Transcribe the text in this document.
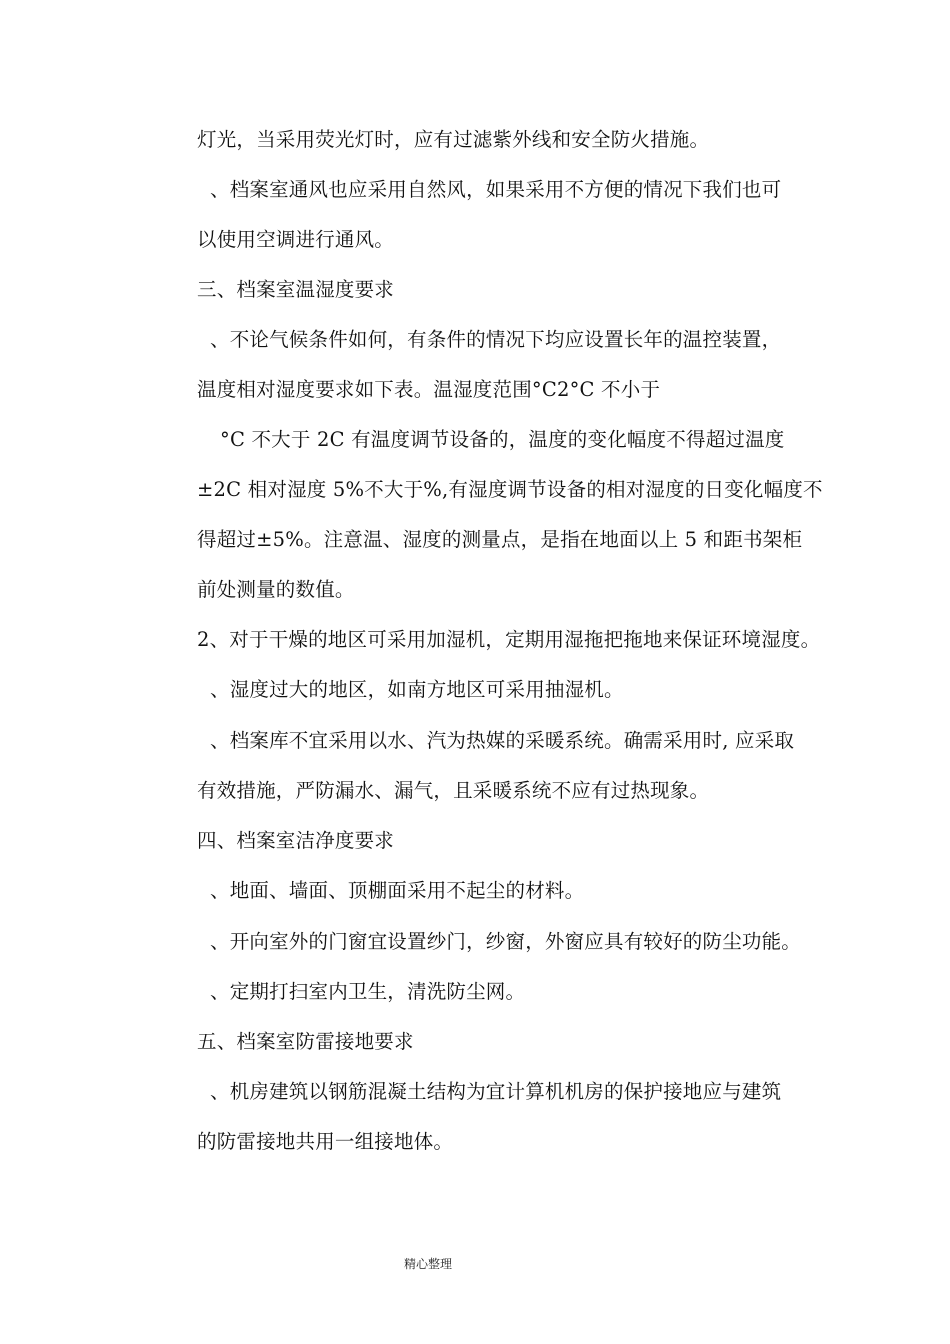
灯光，当采用荧光灯时，应有过滤紫外线和安全防火措施。
、档案室通风也应采用自然风，如果采用不方便的情况下我们也可
以使用空调进行通风。
三、档案室温湿度要求
、不论气候条件如何，有条件的情况下均应设置长年的温控装置，
温度相对湿度要求如下表。温湿度范围°C2°C 不小于
°C 不大于 2C 有温度调节设备的，温度的变化幅度不得超过温度
±2C 相对湿度 5%不大于%,有湿度调节设备的相对湿度的日变化幅度不
得超过±5%。注意温、湿度的测量点，是指在地面以上 5 和距书架柜
前处测量的数值。
2、对于干燥的地区可采用加湿机，定期用湿拖把拖地来保证环境湿度。
、湿度过大的地区，如南方地区可采用抽湿机。
、档案库不宜采用以水、汽为热媒的采暖系统。确需采用时, 应采取
有效措施，严防漏水、漏气，且采暖系统不应有过热现象。
四、档案室洁净度要求
、地面、墙面、顶棚面采用不起尘的材料。
、开向室外的门窗宜设置纱门，纱窗，外窗应具有较好的防尘功能。
、定期打扫室内卫生，清洗防尘网。
五、档案室防雷接地要求
、机房建筑以钢筋混凝土结构为宜计算机机房的保护接地应与建筑
的防雷接地共用一组接地体。
精心整理
